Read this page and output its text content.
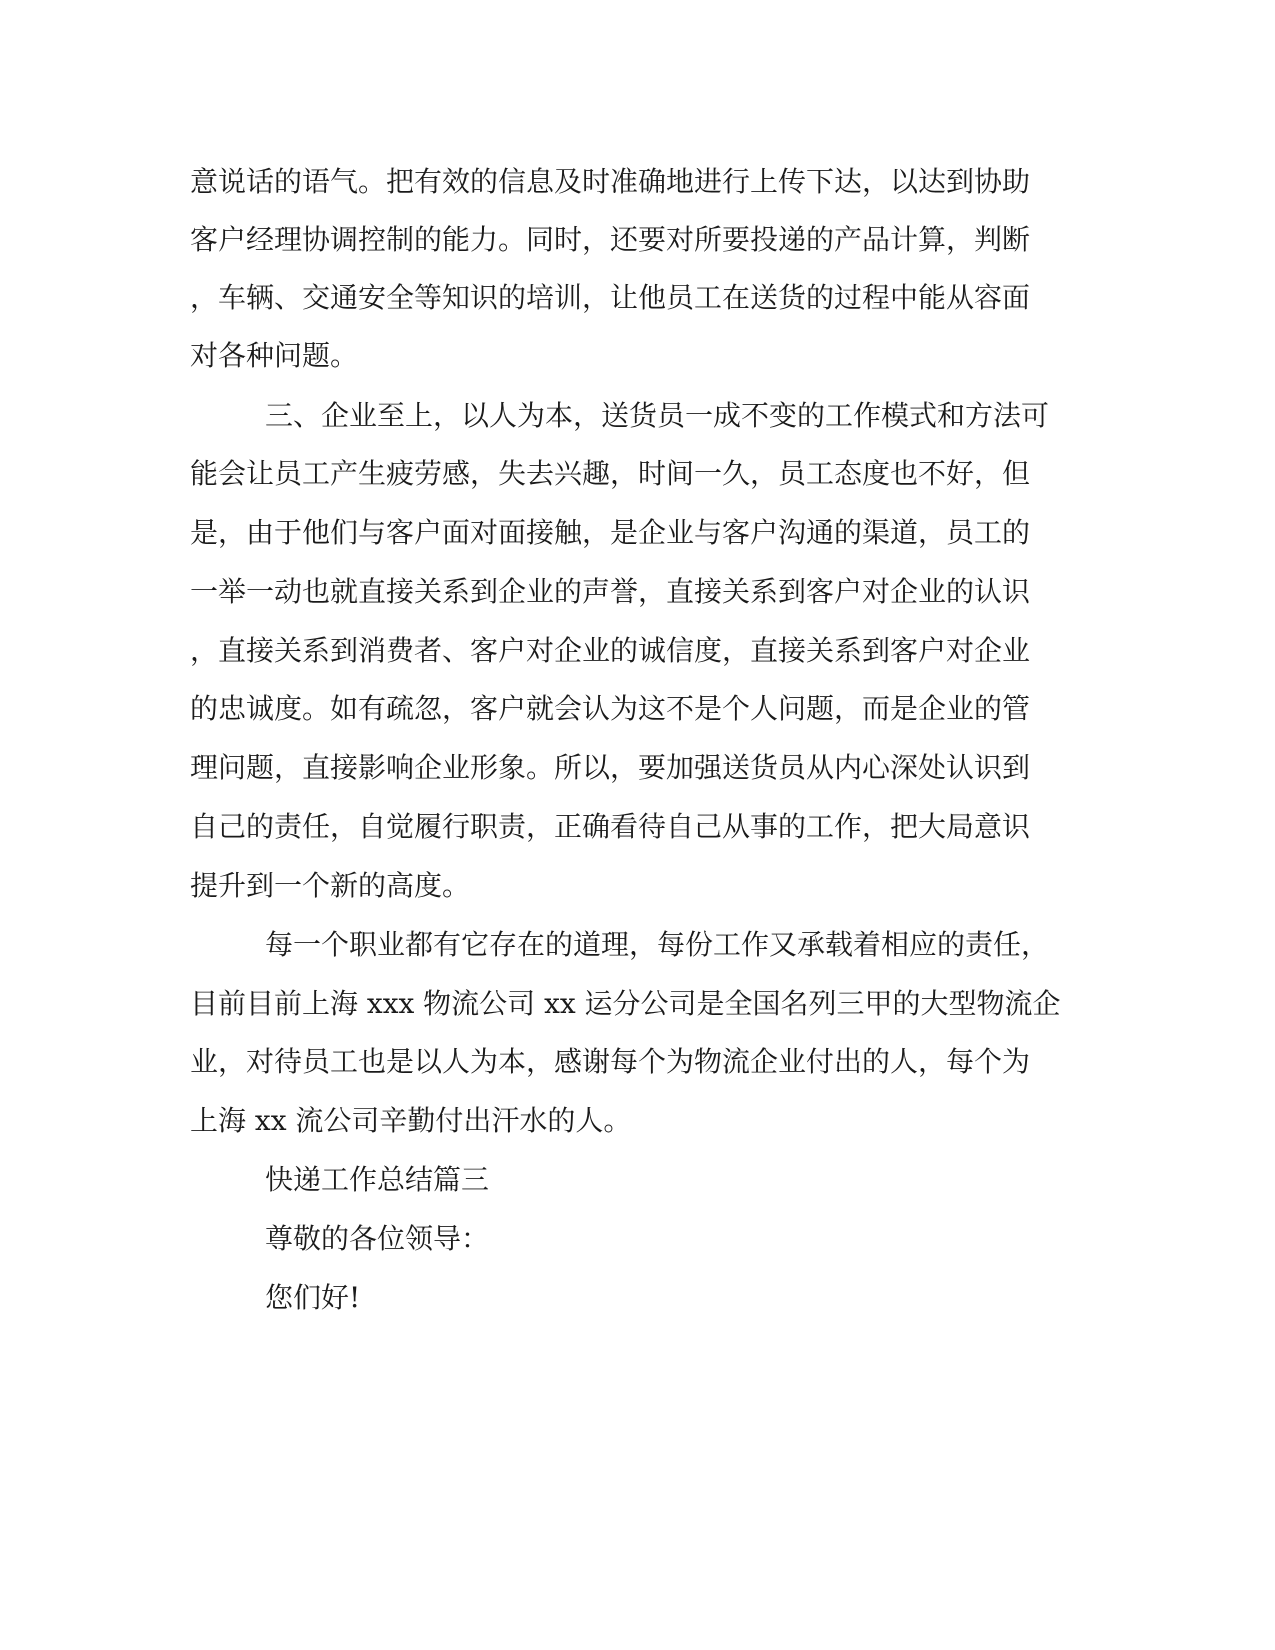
意说话的语气。把有效的信息及时准确地进行上传下达，以达到协助
客户经理协调控制的能力。同时，还要对所要投递的产品计算，判断
，车辆、交通安全等知识的培训，让他员工在送货的过程中能从容面
对各种问题。
三、企业至上，以人为本，送货员一成不变的工作模式和方法可
能会让员工产生疲劳感，失去兴趣，时间一久，员工态度也不好，但
是，由于他们与客户面对面接触，是企业与客户沟通的渠道，员工的
一举一动也就直接关系到企业的声誉，直接关系到客户对企业的认识
，直接关系到消费者、客户对企业的诚信度，直接关系到客户对企业
的忠诚度。如有疏忽，客户就会认为这不是个人问题，而是企业的管
理问题，直接影响企业形象。所以，要加强送货员从内心深处认识到
自己的责任，自觉履行职责，正确看待自己从事的工作，把大局意识
提升到一个新的高度。
每一个职业都有它存在的道理，每份工作又承载着相应的责任，
目前目前上海 xxx 物流公司 xx 运分公司是全国名列三甲的大型物流企
业，对待员工也是以人为本，感谢每个为物流企业付出的人，每个为
上海 xx 流公司辛勤付出汗水的人。
快递工作总结篇三
尊敬的各位领导：
您们好!
